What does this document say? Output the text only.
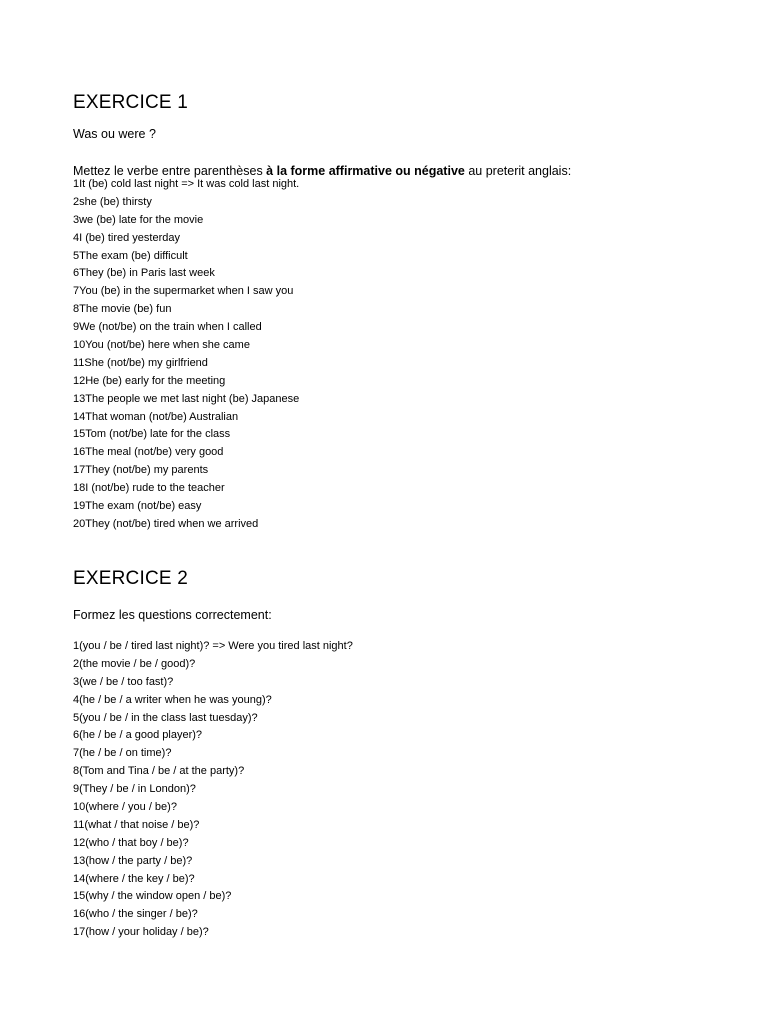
EXERCICE 1

Was ou were ?

Mettez le verbe entre parenthèses à la forme affirmative ou négative au preterit anglais:

1It (be) cold last night => It was cold last night.
2she (be) thirsty
3we (be) late for the movie
4I (be) tired yesterday
5The exam (be) difficult
6They (be) in Paris last week
7You (be) in the supermarket when I saw you
8The movie (be) fun
9We (not/be) on the train when I called
10You (not/be) here when she came
11She (not/be) my girlfriend
12He (be) early for the meeting
13The people we met last night (be) Japanese
14That woman (not/be) Australian
15Tom (not/be) late for the class
16The meal (not/be) very good
17They (not/be) my parents
18I (not/be) rude to the teacher
19The exam (not/be) easy
20They (not/be) tired when we arrived
EXERCICE 2

Formez les questions correctement:

1(you / be / tired last night)? => Were you tired last night?
2(the movie / be / good)?
3(we / be / too fast)?
4(he / be / a writer when he was young)?
5(you / be / in the class last tuesday)?
6(he / be / a good player)?
7(he / be / on time)?
8(Tom and Tina / be / at the party)?
9(They / be / in London)?
10(where / you / be)?
11(what / that noise / be)?
12(who / that boy / be)?
13(how / the party / be)?
14(where / the key / be)?
15(why / the window open / be)?
16(who / the singer / be)?
17(how / your holiday / be)?
